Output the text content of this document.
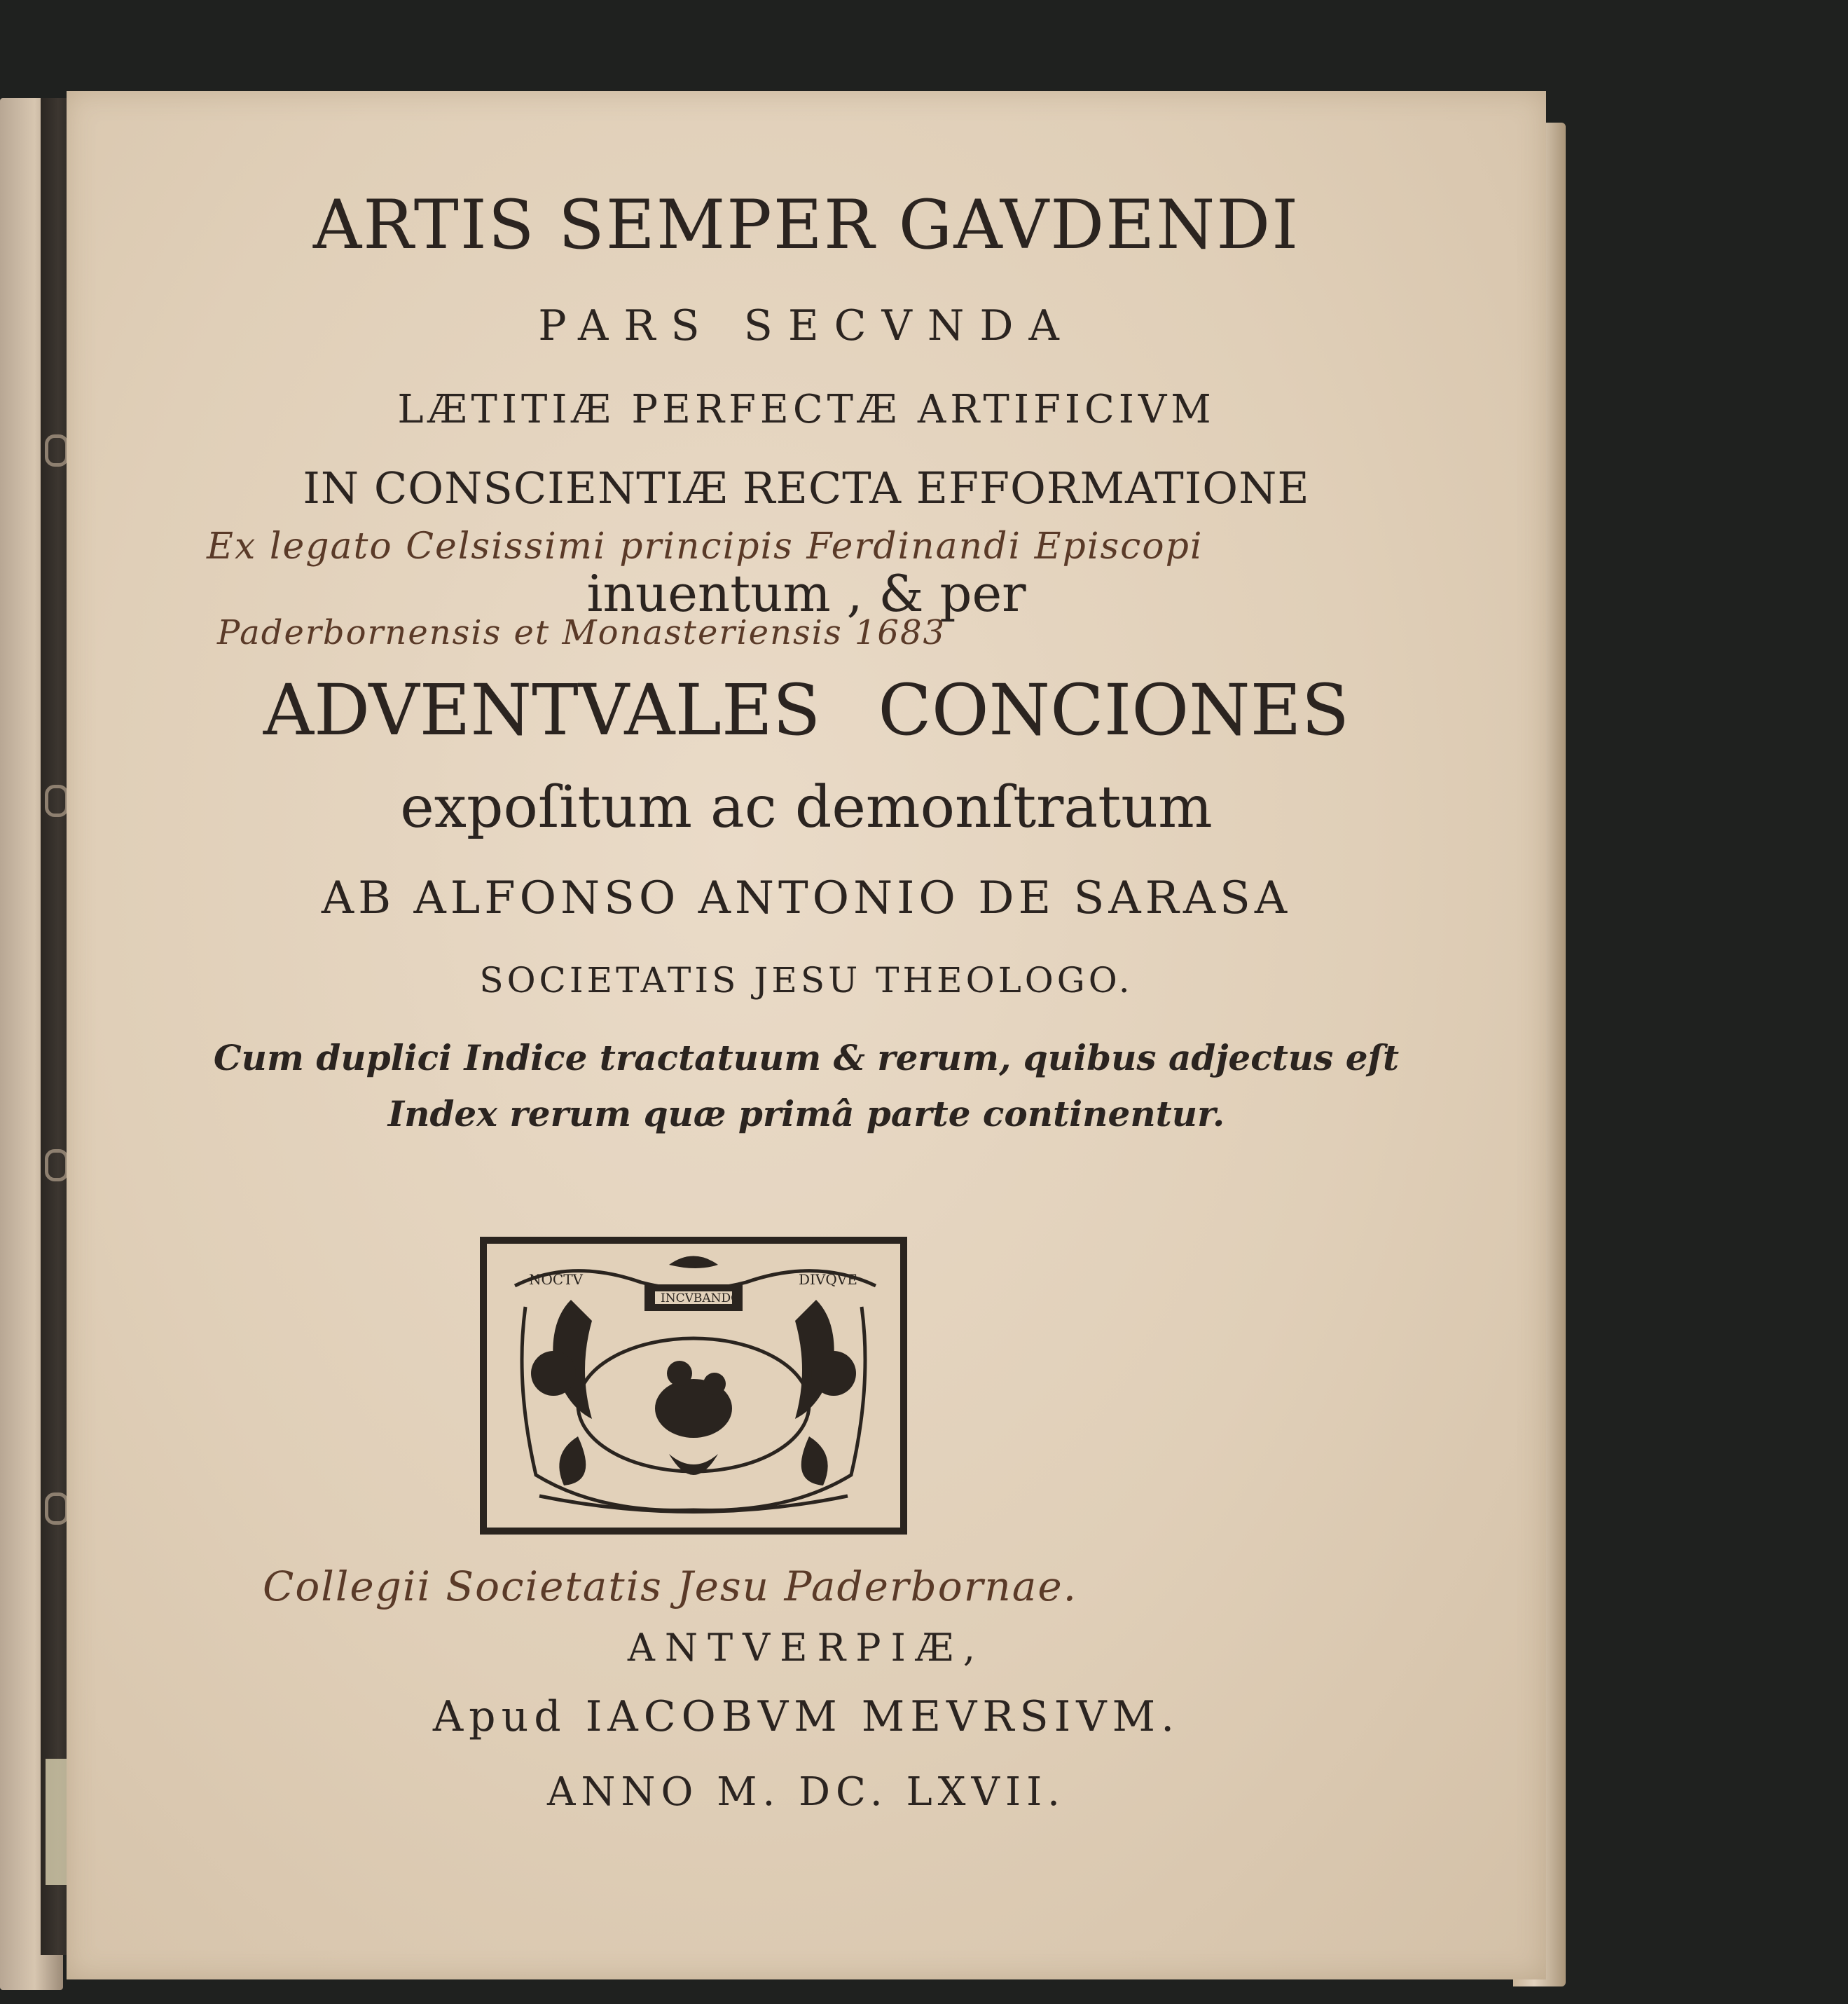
ARTIS SEMPER GAVDENDI
PARS SECVNDA
LÆTITIÆ PERFECTÆ ARTIFICIVM
IN CONSCIENTIÆ RECTA EFFORMATIONE
Ex legato Celsissimi principis Ferdinandi Episcopi
inuentum , & per
Paderbornensis et Monasteriensis 1683
ADVENTVALES CONCIONES
expoſitum ac demonſtratum
AB ALFONSO ANTONIO DE SARASA
SOCIETATIS JESU THEOLOGO.
Cum duplici Indice tractatuum & rerum, quibus adjectus eſt
Index rerum quæ primâ parte continentur.
NOCTV
INCVBANDO
DIVQVE
Collegii Societatis Jesu Paderbornae.
ANTVERPIÆ,
Apud IACOBVM MEVRSIVM.
ANNO M. DC. LXVII.
